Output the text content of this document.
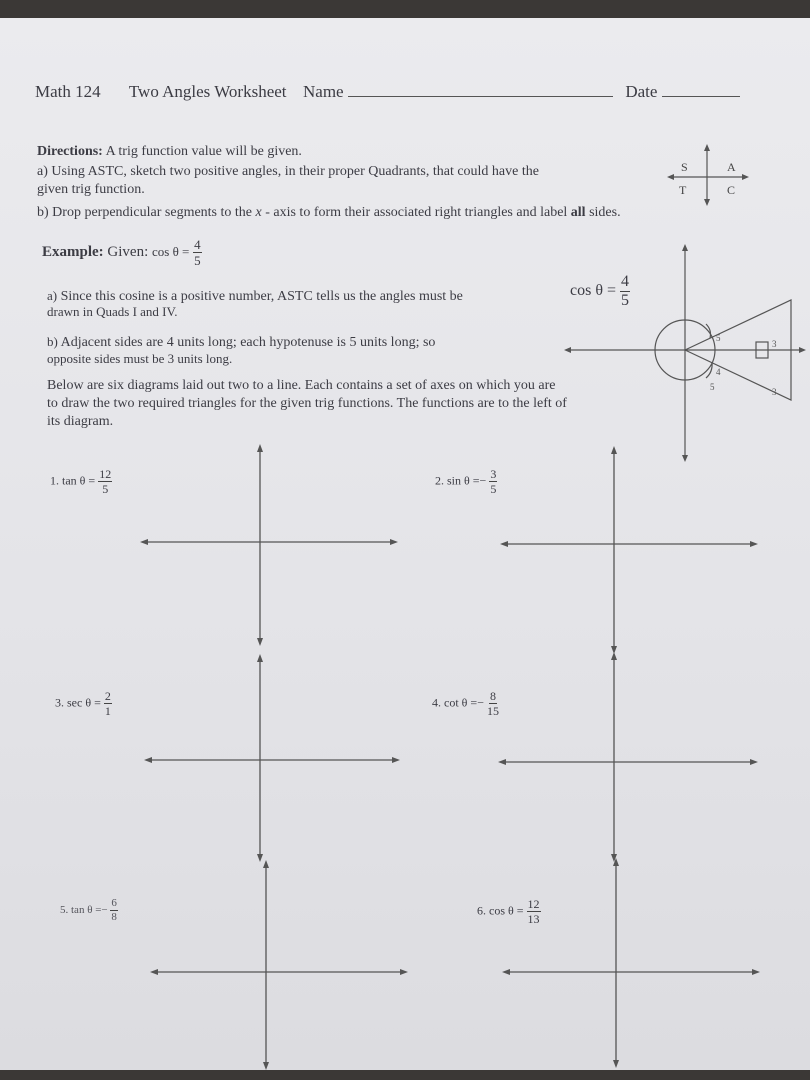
Math 124 Two Angles Worksheet Name	Date
Directions: A trig function value will be given.
a) Using ASTC, sketch two positive angles, in their proper Quadrants, that could have the
given trig function.
b) Drop perpendicular segments to the x - axis to form their associated right triangles and label all sides.
S	A
T	C
Example: Given: $\cos \theta = \frac{4}{5}$
a) Since this cosine is a positive number, ASTC tells us the angles must be
drawn in Quads I and IV.
$\cos \theta = \frac{4}{5}$
b) Adjacent sides are 4 units long; each hypotenuse is 5 units long; so
opposite sides must be 3 units long.
5
3
4
5	3
Below are six diagrams laid out two to a line. Each contains a set of axes on which you are
to draw the two required triangles for the given trig functions. The functions are to the left of
its diagram.
1. $\tan \theta = \frac{12}{5}$	2. $\sin \theta =- \frac{3}{5}$
3. $\sec \theta = \frac{2}{1}$	4. $\cot \theta =- \frac{8}{15}$
5. $\tan \theta =- \frac{6}{8}$	6. $\cos \theta = \frac{12}{13}$
